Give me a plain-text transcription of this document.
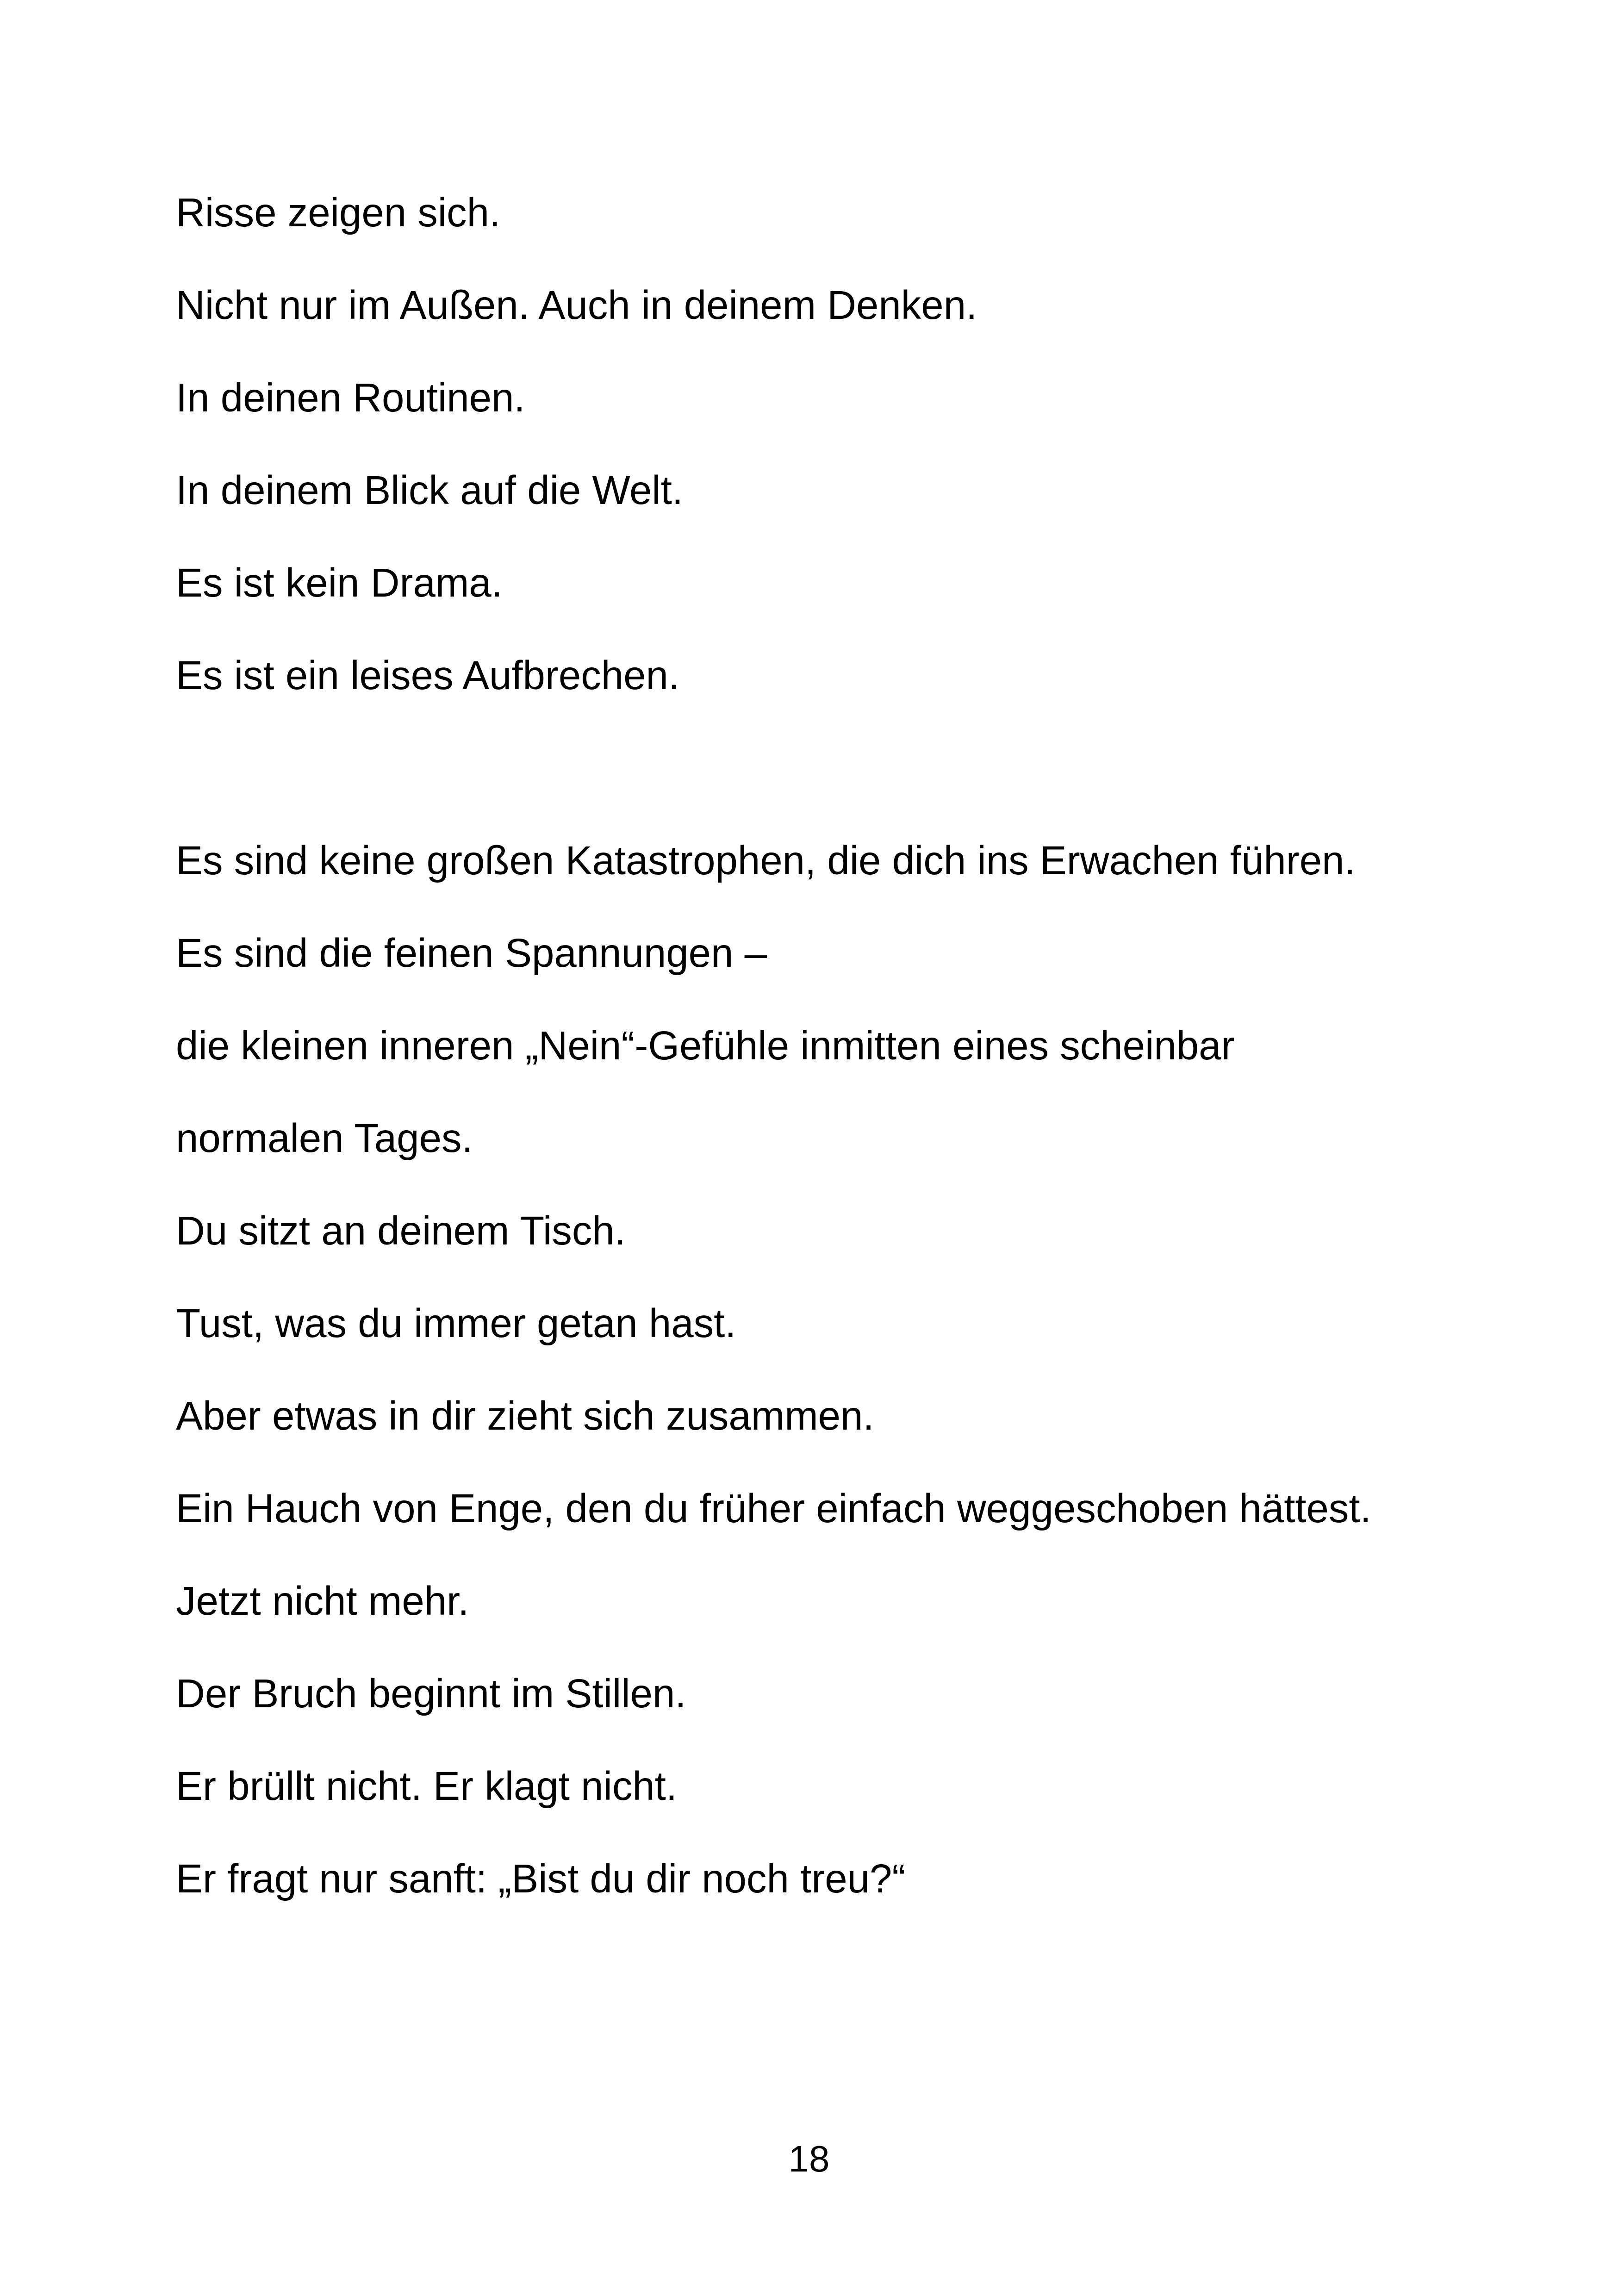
Risse zeigen sich.
Nicht nur im Außen. Auch in deinem Denken.
In deinen Routinen.
In deinem Blick auf die Welt.
Es ist kein Drama.
Es ist ein leises Aufbrechen.
Es sind keine großen Katastrophen, die dich ins Erwachen führen.
Es sind die feinen Spannungen –
die kleinen inneren „Nein“-Gefühle inmitten eines scheinbar
normalen Tages.
Du sitzt an deinem Tisch.
Tust, was du immer getan hast.
Aber etwas in dir zieht sich zusammen.
Ein Hauch von Enge, den du früher einfach weggeschoben hättest.
Jetzt nicht mehr.
Der Bruch beginnt im Stillen.
Er brüllt nicht. Er klagt nicht.
Er fragt nur sanft: „Bist du dir noch treu?“
18
